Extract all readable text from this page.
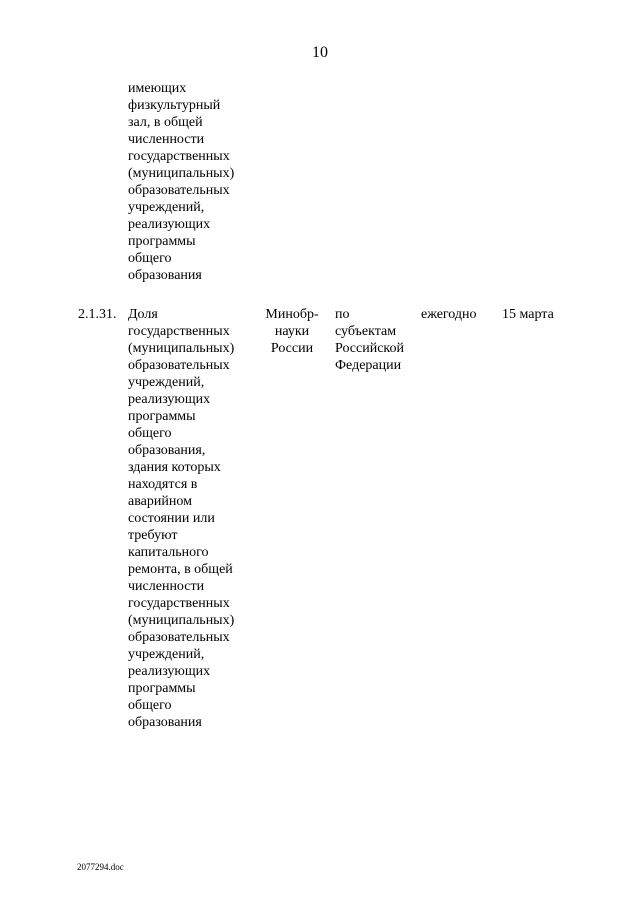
10
имеющих
физкультурный
зал, в общей
численности
государственных
(муниципальных)
образовательных
учреждений,
реализующих
программы
общего
образования
2.1.31. Доля
государственных
(муниципальных)
образовательных
учреждений,
реализующих
программы
общего
образования,
здания которых
находятся в
аварийном
состоянии или
требуют
капитального
ремонта, в общей
численности
государственных
(муниципальных)
образовательных
учреждений,
реализующих
программы
общего
образования
Минобр-
науки
России
по
субъектам
Российской
Федерации
ежегодно 15 марта
2077294.doc
